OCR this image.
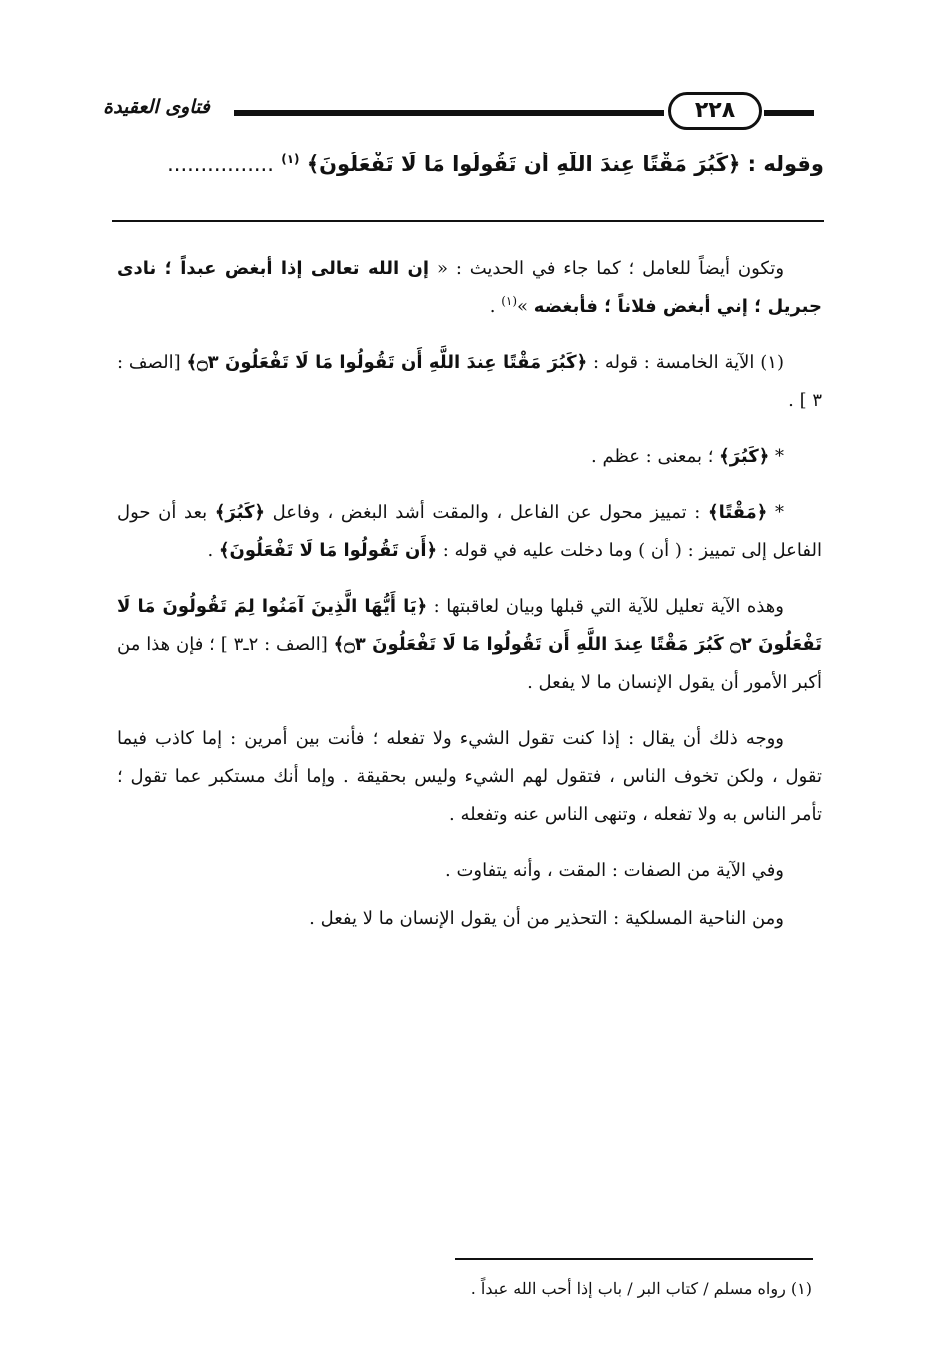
٢٢٨
فتاوى العقيدة
وقوله : ﴿كَبُرَ مَقْتًا عِندَ اللَّهِ أَن تَقُولُوا مَا لَا تَفْعَلُونَ﴾ $^{(١)}$ ................

وتكون أيضاً للعامل ؛ كما جاء في الحديث : « إن الله تعالى إذا أبغض عبداً ؛ نادى جبريل ؛ إني أبغض فلاناً ؛ فأبغضه »$^{(١)}$ .

(١) الآية الخامسة : قوله : ﴿كَبُرَ مَقْتًا عِندَ اللَّهِ أَن تَقُولُوا مَا لَا تَفْعَلُونَ ۝٣﴾ [الصف : ٣ ] .

* ﴿كَبُرَ﴾ ؛ بمعنى : عظم .

* ﴿مَقْتًا﴾ : تمييز محول عن الفاعل ، والمقت أشد البغض ، وفاعل ﴿كَبُرَ﴾ بعد أن حول الفاعل إلى تمييز : ( أن ) وما دخلت عليه في قوله : ﴿أَن تَقُولُوا مَا لَا تَفْعَلُونَ﴾ .

وهذه الآية تعليل للآية التي قبلها وبيان لعاقبتها : ﴿يَا أَيُّهَا الَّذِينَ آمَنُوا لِمَ تَقُولُونَ مَا لَا تَفْعَلُونَ ۝٢ كَبُرَ مَقْتًا عِندَ اللَّهِ أَن تَقُولُوا مَا لَا تَفْعَلُونَ ۝٣﴾ [الصف : ٢ـ٣ ] ؛ فإن هذا من أكبر الأمور أن يقول الإنسان ما لا يفعل .

ووجه ذلك أن يقال : إذا كنت تقول الشيء ولا تفعله ؛ فأنت بين أمرين : إما كاذب فيما تقول ، ولكن تخوف الناس ، فتقول لهم الشيء وليس بحقيقة . وإما أنك مستكبر عما تقول ؛ تأمر الناس به ولا تفعله ، وتنهى الناس عنه وتفعله .

وفي الآية من الصفات : المقت ، وأنه يتفاوت .

ومن الناحية المسلكية : التحذير من أن يقول الإنسان ما لا يفعل .

(١) رواه مسلم / كتاب البر / باب إذا أحب الله عبداً .
